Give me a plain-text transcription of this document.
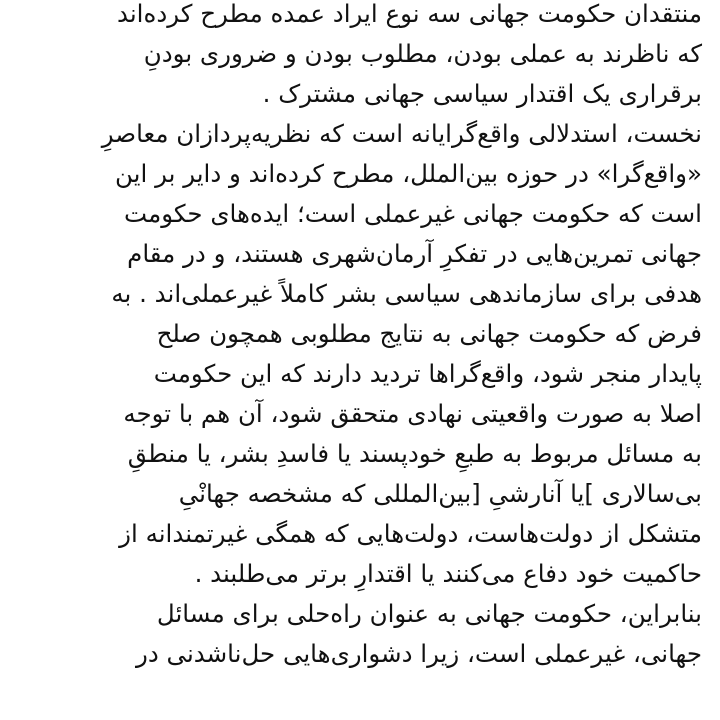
منتقدان حکومت جهانی سه نوع ایراد عمده مطرح کرده‌اند
که ناظرند به عملی بودن، مطلوب بودن و ضروری بودنِ
برقراری یک اقتدار سیاسی جهانی مشترک .
نخست، استدلالی واقع‌گرایانه است که نظریه‌پردازان معاصرِ
«واقع‌گرا» در حوزه بین‌الملل، مطرح کرده‌اند و دایر بر این
است که حکومت جهانی غیرعملی است؛ ایده‌های حکومت
جهانی تمرین‌هایی در تفکرِ آرمان‌شهری هستند، و در مقام
هدفی برای سازماندهی سیاسی بشر کاملاً غیرعملی‌اند . به
فرض که حکومت جهانی به نتایج مطلوبی همچون صلح
پایدار منجر شود، واقع‌گراها تردید دارند که این حکومت
اصلا به صورت واقعیتی نهادی متحقق شود، آن هم با توجه
به مسائل مربوط به طبعِ خودپسند یا فاسدِ بشر، یا منطقِ
بی‌سالاری ]یا آنارشیِ [بین‌المللی که مشخصه جهانْیِ
متشکل از دولت‌هاست، دولت‌هایی که همگی غیرتمندانه از
حاکمیت خود دفاع می‌کنند یا اقتدارِ برتر می‌طلبند .
بنابراین، حکومت جهانی به عنوان راه‌حلی برای مسائل
جهانی، غیرعملی است، زیرا دشواری‌هایی حل‌ناشدنی در
